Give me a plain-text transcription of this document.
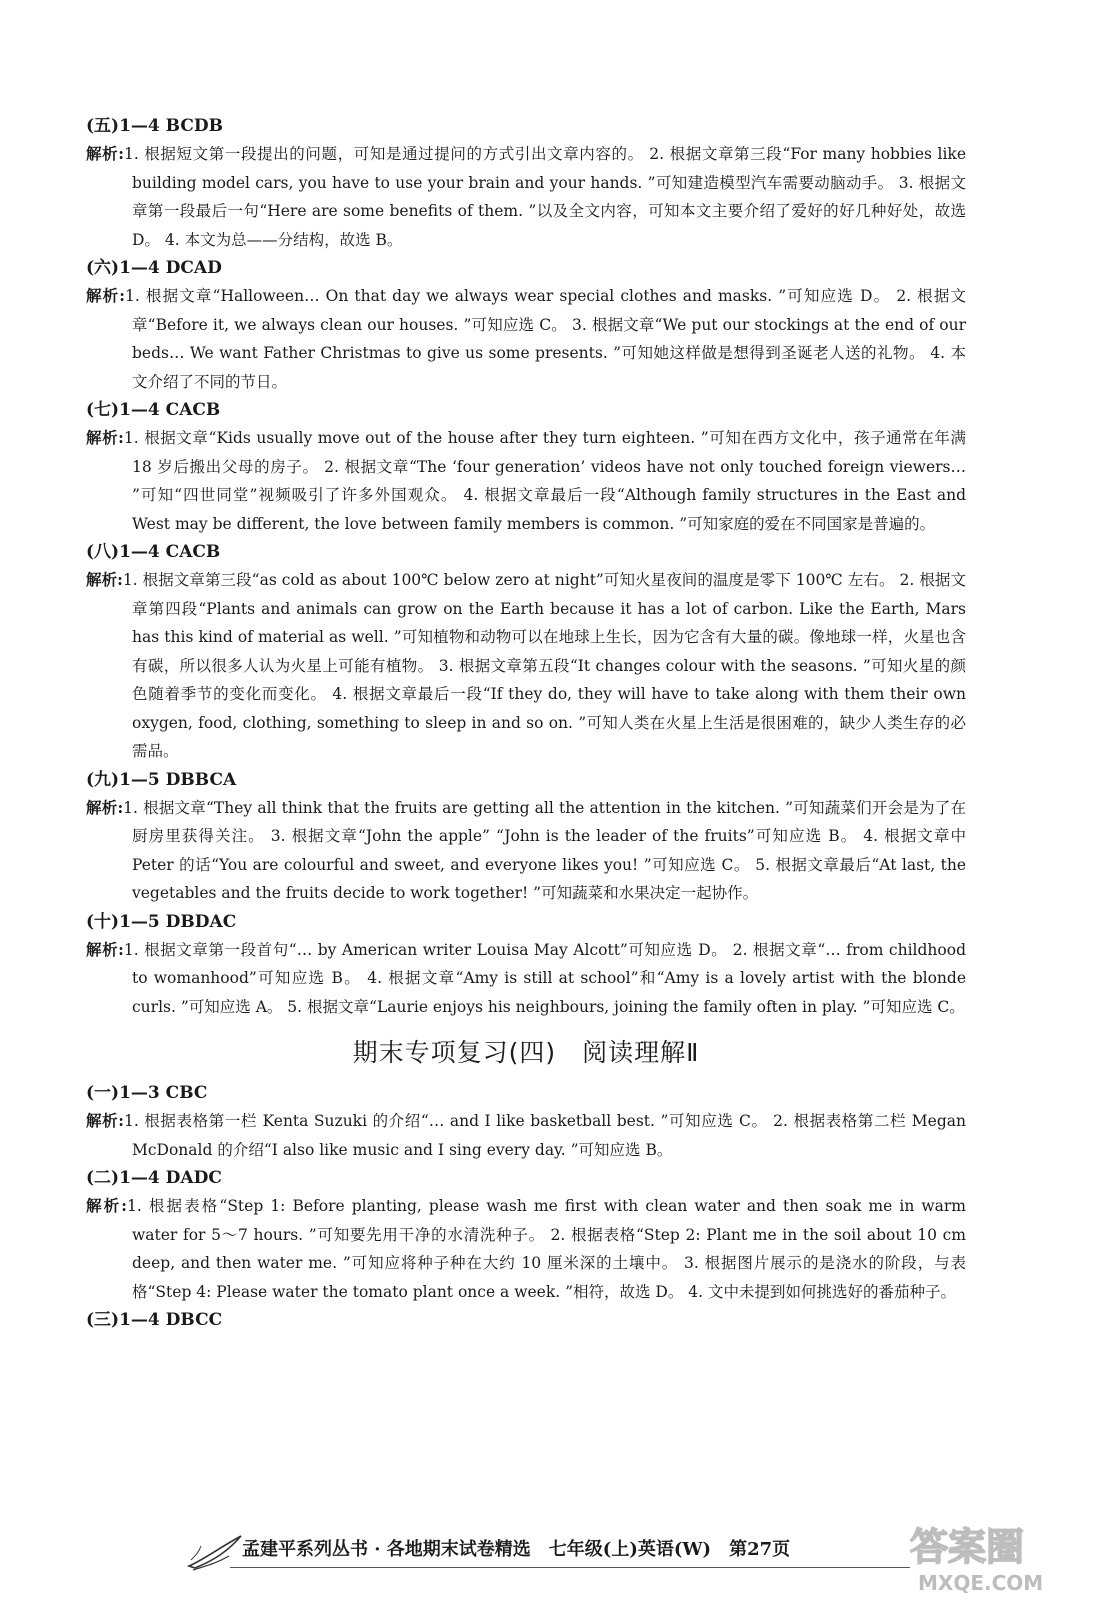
(五)1—4 BCDB

解析:1. 根据短文第一段提出的问题，可知是通过提问的方式引出文章内容的。 2. 根据文章第三段“For many hobbies like building model cars, you have to use your brain and your hands. ”可知建造模型汽车需要动脑动手。 3. 根据文章第一段最后一句“Here are some benefits of them. ”以及全文内容，可知本文主要介绍了爱好的好几种好处，故选 D。 4. 本文为总——分结构，故选 B。

(六)1—4 DCAD

解析:1. 根据文章“Halloween… On that day we always wear special clothes and masks. ”可知应选 D。 2. 根据文章“Before it, we always clean our houses. ”可知应选 C。 3. 根据文章“We put our stockings at the end of our beds… We want Father Christmas to give us some presents. ”可知她这样做是想得到圣诞老人送的礼物。 4. 本文介绍了不同的节日。

(七)1—4 CACB

解析:1. 根据文章“Kids usually move out of the house after they turn eighteen. ”可知在西方文化中，孩子通常在年满 18 岁后搬出父母的房子。 2. 根据文章“The ‘four generation’ videos have not only touched foreign viewers… ”可知“四世同堂”视频吸引了许多外国观众。 4. 根据文章最后一段“Although family structures in the East and West may be different, the love between family members is common. ”可知家庭的爱在不同国家是普遍的。

(八)1—4 CACB

解析:1. 根据文章第三段“as cold as about 100℃ below zero at night”可知火星夜间的温度是零下 100℃ 左右。 2. 根据文章第四段“Plants and animals can grow on the Earth because it has a lot of carbon. Like the Earth, Mars has this kind of material as well. ”可知植物和动物可以在地球上生长，因为它含有大量的碳。像地球一样，火星也含有碳，所以很多人认为火星上可能有植物。 3. 根据文章第五段“It changes colour with the seasons. ”可知火星的颜色随着季节的变化而变化。 4. 根据文章最后一段“If they do, they will have to take along with them their own oxygen, food, clothing, something to sleep in and so on. ”可知人类在火星上生活是很困难的，缺少人类生存的必需品。

(九)1—5 DBBCA

解析:1. 根据文章“They all think that the fruits are getting all the attention in the kitchen. ”可知蔬菜们开会是为了在厨房里获得关注。 3. 根据文章“John the apple” “John is the leader of the fruits”可知应选 B。 4. 根据文章中 Peter 的话“You are colourful and sweet, and everyone likes you! ”可知应选 C。 5. 根据文章最后“At last, the vegetables and the fruits decide to work together! ”可知蔬菜和水果决定一起协作。

(十)1—5 DBDAC

解析:1. 根据文章第一段首句“… by American writer Louisa May Alcott”可知应选 D。 2. 根据文章“… from childhood to womanhood”可知应选 B。 4. 根据文章“Amy is still at school”和“Amy is a lovely artist with the blonde curls. ”可知应选 A。 5. 根据文章“Laurie enjoys his neighbours, joining the family often in play. ”可知应选 C。

期末专项复习(四)　阅读理解Ⅱ

(一)1—3 CBC

解析:1. 根据表格第一栏 Kenta Suzuki 的介绍“… and I like basketball best. ”可知应选 C。 2. 根据表格第二栏 Megan McDonald 的介绍“I also like music and I sing every day. ”可知应选 B。

(二)1—4 DADC

解析:1. 根据表格“Step 1: Before planting, please wash me first with clean water and then soak me in warm water for 5～7 hours. ”可知要先用干净的水清洗种子。 2. 根据表格“Step 2: Plant me in the soil about 10 cm deep, and then water me. ”可知应将种子种在大约 10 厘米深的土壤中。 3. 根据图片展示的是浇水的阶段，与表格“Step 4: Please water the tomato plant once a week. ”相符，故选 D。 4. 文中未提到如何挑选好的番茄种子。

(三)1—4 DBCC

孟建平系列丛书 · 各地期末试卷精选　七年级(上)英语(W)　第27页	答案圈
MXQE.COM
